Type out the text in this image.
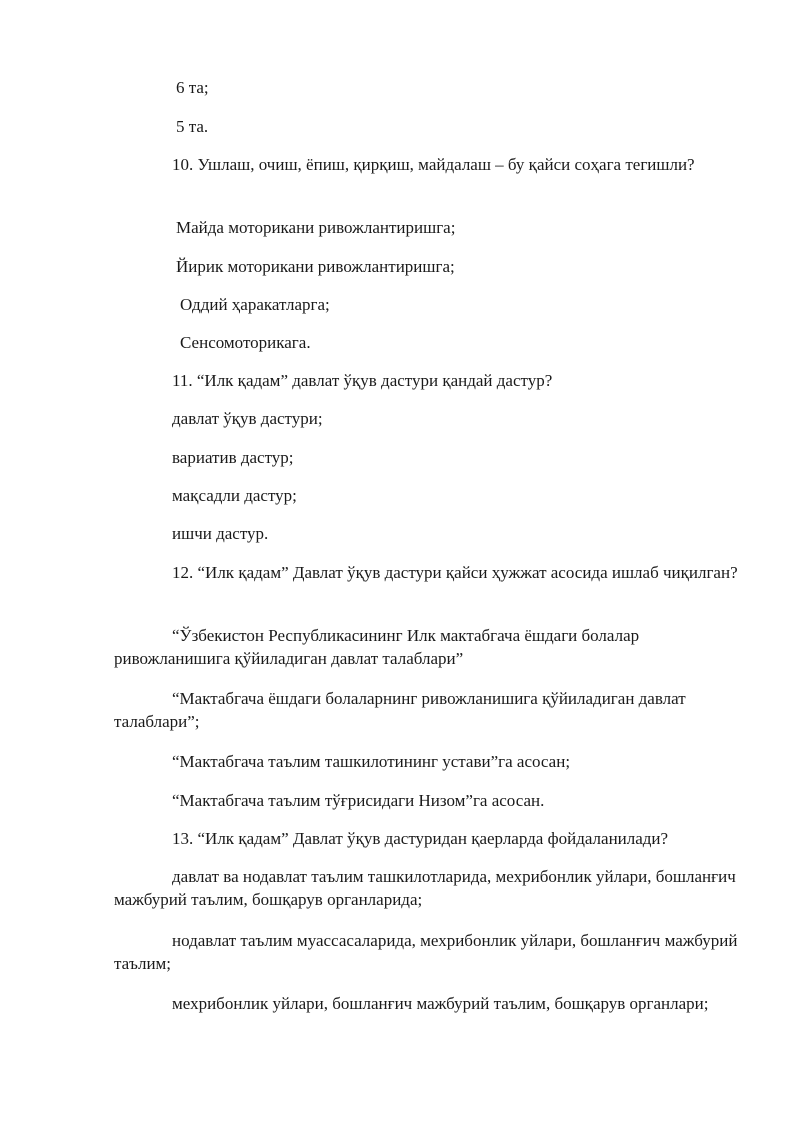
6 та;

5 та.

10. Ушлаш, очиш, ёпиш, қирқиш, майдалаш – бу қайси соҳага тегишли?

Майда моторикани ривожлантиришга;

Йирик моторикани ривожлантиришга;

Оддий ҳаракатларга;

Сенсомоторикага.

11. “Илк қадам” давлат ўқув дастури қандай дастур?

давлат ўқув дастури;

вариатив дастур;

мақсадли дастур;

ишчи дастур.

12. “Илк қадам” Давлат ўқув дастури қайси ҳужжат асосида ишлаб чиқилган?

“Ўзбекистон Республикасининг Илк мактабгача ёшдаги болалар ривожланишига қўйиладиган давлат талаблари”

“Мактабгача ёшдаги болаларнинг ривожланишига қўйиладиган давлат талаблари”;

“Мактабгача таълим ташкилотининг устави”га асосан;

“Мактабгача таълим тўғрисидаги Низом”га асосан.

13. “Илк қадам” Давлат ўқув дастуридан қаерларда фойдаланилади?

давлат ва нодавлат таълим ташкилотларида, мехрибонлик уйлари, бошланғич мажбурий таълим, бошқарув органларида;

нодавлат таълим муассасаларида, мехрибонлик уйлари, бошланғич мажбурий таълим;

мехрибонлик уйлари, бошланғич мажбурий таълим, бошқарув органлари;
